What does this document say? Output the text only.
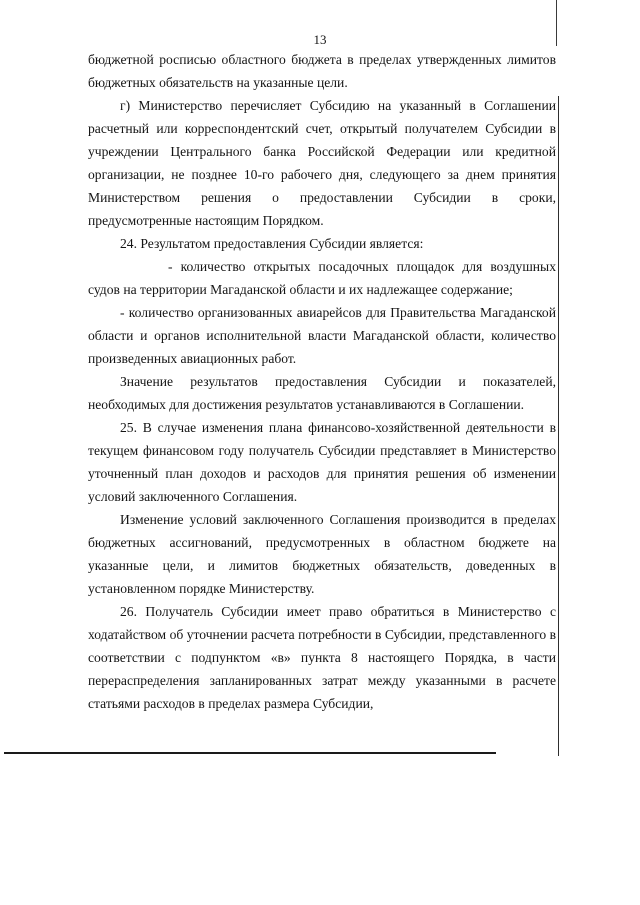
13

бюджетной росписью областного бюджета в пределах утвержденных лимитов бюджетных обязательств на указанные цели.

г) Министерство перечисляет Субсидию на указанный в Соглашении расчетный или корреспондентский счет, открытый получателем Субсидии в учреждении Центрального банка Российской Федерации или кредитной организации, не позднее 10-го рабочего дня, следующего за днем принятия Министерством решения о предоставлении Субсидии в сроки, предусмотренные настоящим Порядком.

24. Результатом предоставления Субсидии является:

- количество открытых посадочных площадок для воздушных судов на территории Магаданской области и их надлежащее содержание;

- количество организованных авиарейсов для Правительства Магаданской области и органов исполнительной власти Магаданской области, количество произведенных авиационных работ.

Значение результатов предоставления Субсидии и показателей, необходимых для достижения результатов устанавливаются в Соглашении.

25. В случае изменения плана финансово-хозяйственной деятельности в текущем финансовом году получатель Субсидии представляет в Министерство уточненный план доходов и расходов для принятия решения об изменении условий заключенного Соглашения.

Изменение условий заключенного Соглашения производится в пределах бюджетных ассигнований, предусмотренных в областном бюджете на указанные цели, и лимитов бюджетных обязательств, доведенных в установленном порядке Министерству.

26. Получатель Субсидии имеет право обратиться в Министерство с ходатайством об уточнении расчета потребности в Субсидии, представленного в соответствии с подпунктом «в» пункта 8 настоящего Порядка, в части перераспределения запланированных затрат между указанными в расчете статьями расходов в пределах размера Субсидии,
